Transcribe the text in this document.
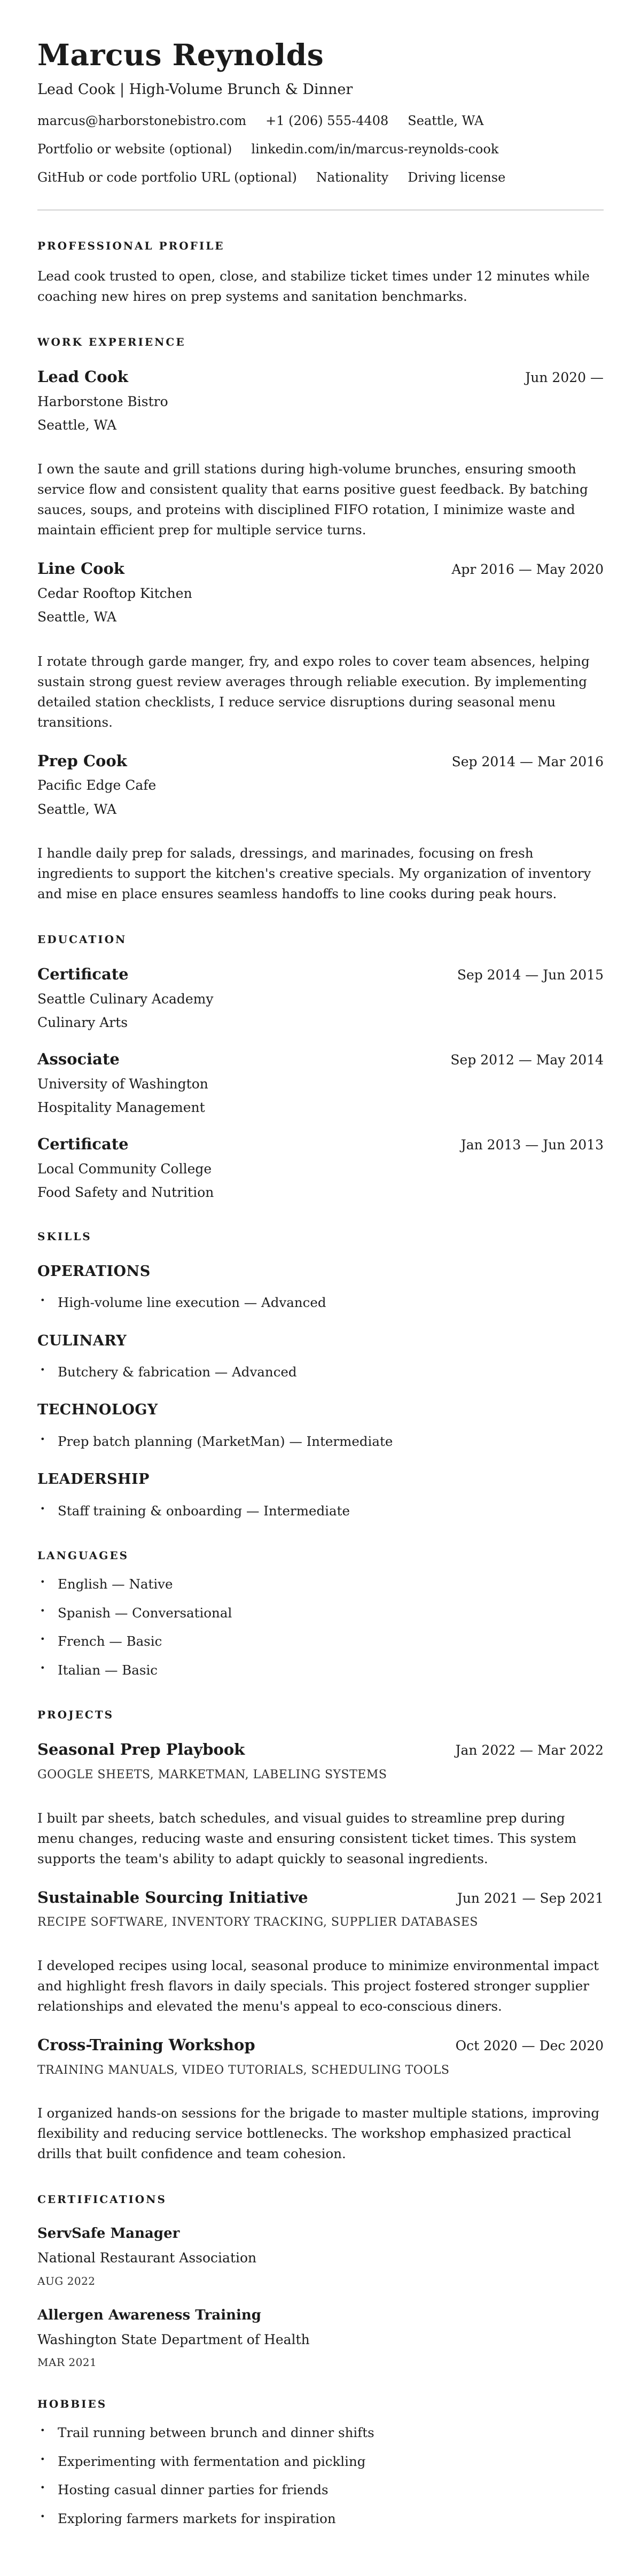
Marcus Reynolds
Lead Cook | High-Volume Brunch & Dinner
marcus@harborstonebistro.com +1 (206) 555-4408 Seattle, WA
Portfolio or website (optional) linkedin.com/in/marcus-reynolds-cook
GitHub or code portfolio URL (optional) Nationality Driving license
PROFESSIONAL PROFILE

Lead cook trusted to open, close, and stabilize ticket times under 12 minutes while coaching new hires on prep systems and sanitation benchmarks.

WORK EXPERIENCE
Lead Cook	Jun 2020 —
Harborstone Bistro
Seattle, WA

I own the saute and grill stations during high-volume brunches, ensuring smooth service flow and consistent quality that earns positive guest feedback. By batching sauces, soups, and proteins with disciplined FIFO rotation, I minimize waste and maintain efficient prep for multiple service turns.

Line Cook	Apr 2016 — May 2020
Cedar Rooftop Kitchen
Seattle, WA

I rotate through garde manger, fry, and expo roles to cover team absences, helping sustain strong guest review averages through reliable execution. By implementing detailed station checklists, I reduce service disruptions during seasonal menu transitions.

Prep Cook	Sep 2014 — Mar 2016
Pacific Edge Cafe
Seattle, WA

I handle daily prep for salads, dressings, and marinades, focusing on fresh ingredients to support the kitchen's creative specials. My organization of inventory and mise en place ensures seamless handoffs to line cooks during peak hours.

EDUCATION
Certificate	Sep 2014 — Jun 2015
Seattle Culinary Academy
Culinary Arts
Associate	Sep 2012 — May 2014
University of Washington
Hospitality Management
Certificate	Jan 2013 — Jun 2013
Local Community College
Food Safety and Nutrition
SKILLS
OPERATIONS
• High-volume line execution — Advanced
CULINARY
• Butchery & fabrication — Advanced
TECHNOLOGY
• Prep batch planning (MarketMan) — Intermediate
LEADERSHIP
• Staff training & onboarding — Intermediate
LANGUAGES
• English — Native
• Spanish — Conversational
• French — Basic
• Italian — Basic
PROJECTS
Seasonal Prep Playbook	Jan 2022 — Mar 2022
GOOGLE SHEETS, MARKETMAN, LABELING SYSTEMS

I built par sheets, batch schedules, and visual guides to streamline prep during menu changes, reducing waste and ensuring consistent ticket times. This system supports the team's ability to adapt quickly to seasonal ingredients.

Sustainable Sourcing Initiative	Jun 2021 — Sep 2021
RECIPE SOFTWARE, INVENTORY TRACKING, SUPPLIER DATABASES

I developed recipes using local, seasonal produce to minimize environmental impact and highlight fresh flavors in daily specials. This project fostered stronger supplier relationships and elevated the menu's appeal to eco-conscious diners.

Cross-Training Workshop	Oct 2020 — Dec 2020
TRAINING MANUALS, VIDEO TUTORIALS, SCHEDULING TOOLS

I organized hands-on sessions for the brigade to master multiple stations, improving flexibility and reducing service bottlenecks. The workshop emphasized practical drills that built confidence and team cohesion.

CERTIFICATIONS
ServSafe Manager
National Restaurant Association
AUG 2022
Allergen Awareness Training
Washington State Department of Health
MAR 2021
HOBBIES
• Trail running between brunch and dinner shifts
• Experimenting with fermentation and pickling
• Hosting casual dinner parties for friends
• Exploring farmers markets for inspiration
